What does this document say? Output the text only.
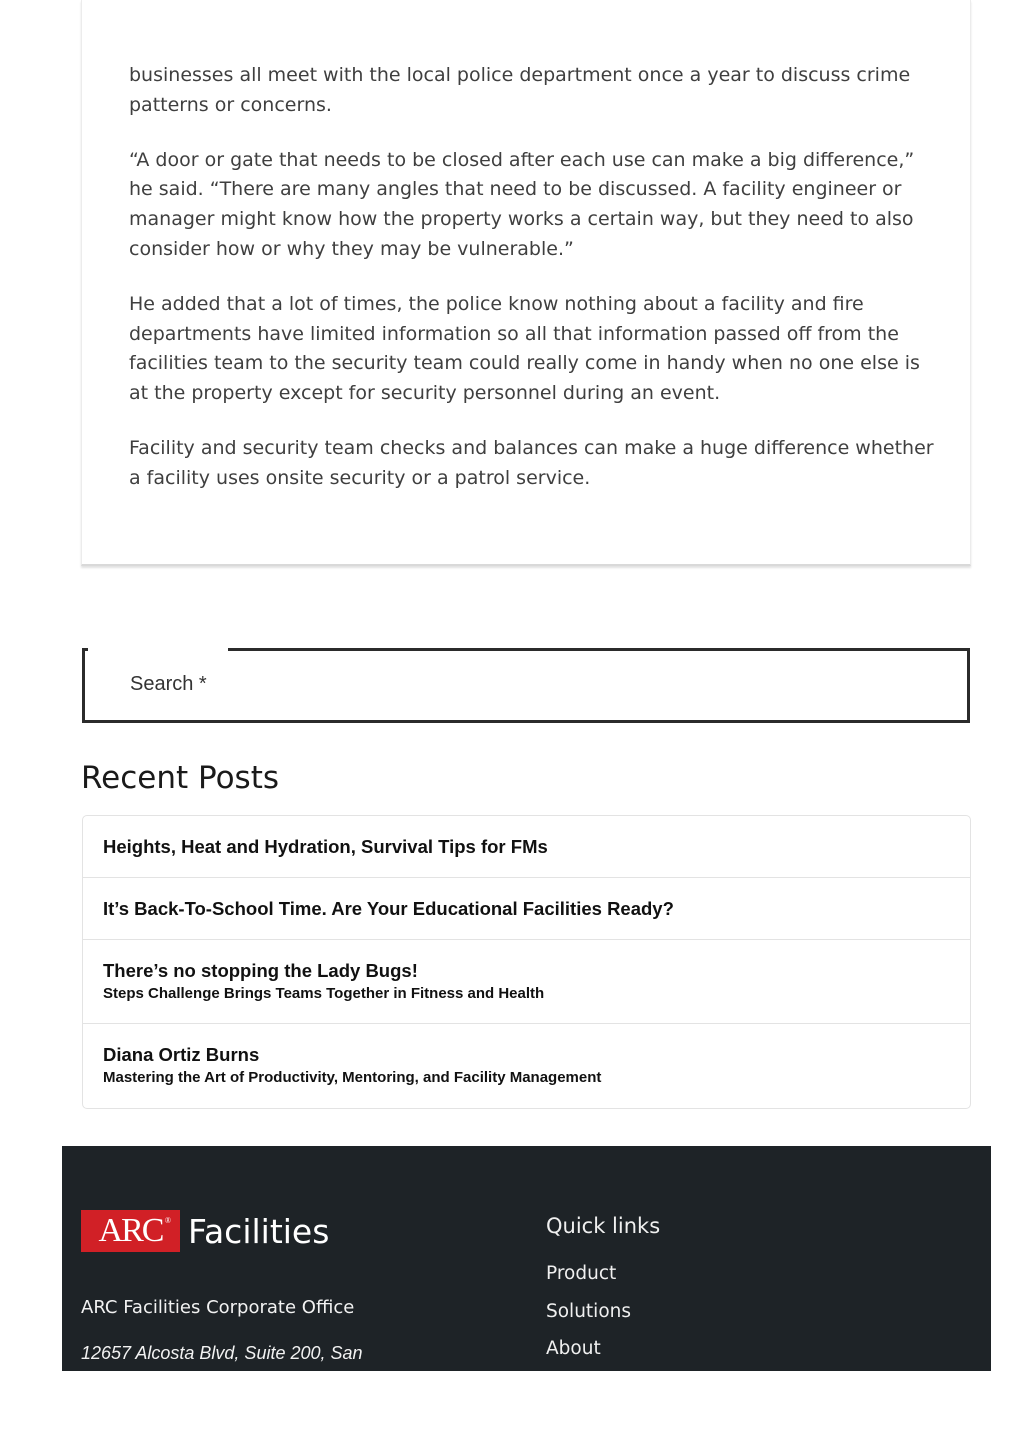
businesses all meet with the local police department once a year to discuss crime patterns or concerns.

“A door or gate that needs to be closed after each use can make a big difference,” he said. “There are many angles that need to be discussed. A facility engineer or manager might know how the property works a certain way, but they need to also consider how or why they may be vulnerable.”

He added that a lot of times, the police know nothing about a facility and fire departments have limited information so all that information passed off from the facilities team to the security team could really come in handy when no one else is at the property except for security personnel during an event.

Facility and security team checks and balances can make a huge difference whether a facility uses onsite security or a patrol service.

Search *
Recent Posts
Heights, Heat and Hydration, Survival Tips for FMs
It’s Back-To-School Time. Are Your Educational Facilities Ready?
There’s no stopping the Lady Bugs!
Steps Challenge Brings Teams Together in Fitness and Health
Diana Ortiz Burns
Mastering the Art of Productivity, Mentoring, and Facility Management
ARC ® Facilities
ARC Facilities Corporate Office
12657 Alcosta Blvd, Suite 200, San
Quick links
Product
Solutions
About
